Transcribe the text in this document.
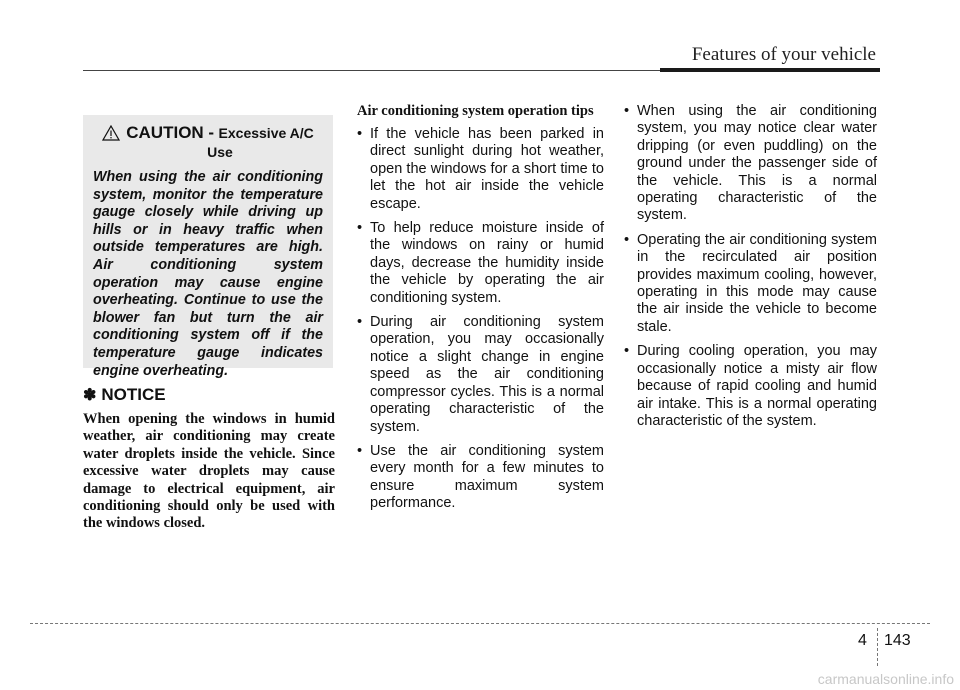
Features of your vehicle
CAUTION - Excessive A/C
Use
When using the air conditioning system, monitor the temperature gauge closely while driving up hills or in heavy traffic when outside temperatures are high. Air conditioning system operation may cause engine overheating. Continue to use the blower fan but turn the air conditioning system off if the temperature gauge indicates engine overheating.
✽ NOTICE
When opening the windows in humid weather, air conditioning may create water droplets inside the vehicle. Since excessive water droplets may cause damage to electrical equipment, air conditioning should only be used with the windows closed.
Air conditioning system operation tips
• If the vehicle has been parked in direct sunlight during hot weather, open the windows for a short time to let the hot air inside the vehicle escape.
• To help reduce moisture inside of the windows on rainy or humid days, decrease the humidity inside the vehicle by operating the air conditioning system.
• During air conditioning system operation, you may occasionally notice a slight change in engine speed as the air conditioning compressor cycles. This is a normal operating characteristic of the system.
• Use the air conditioning system every month for a few minutes to ensure maximum system performance.
• When using the air conditioning system, you may notice clear water dripping (or even puddling) on the ground under the passenger side of the vehicle. This is a normal operating characteristic of the system.
• Operating the air conditioning system in the recirculated air position provides maximum cooling, however, operating in this mode may cause the air inside the vehicle to become stale.
• During cooling operation, you may occasionally notice a misty air flow because of rapid cooling and humid air intake. This is a normal operating characteristic of the system.
4 143
carmanualsonline.info
